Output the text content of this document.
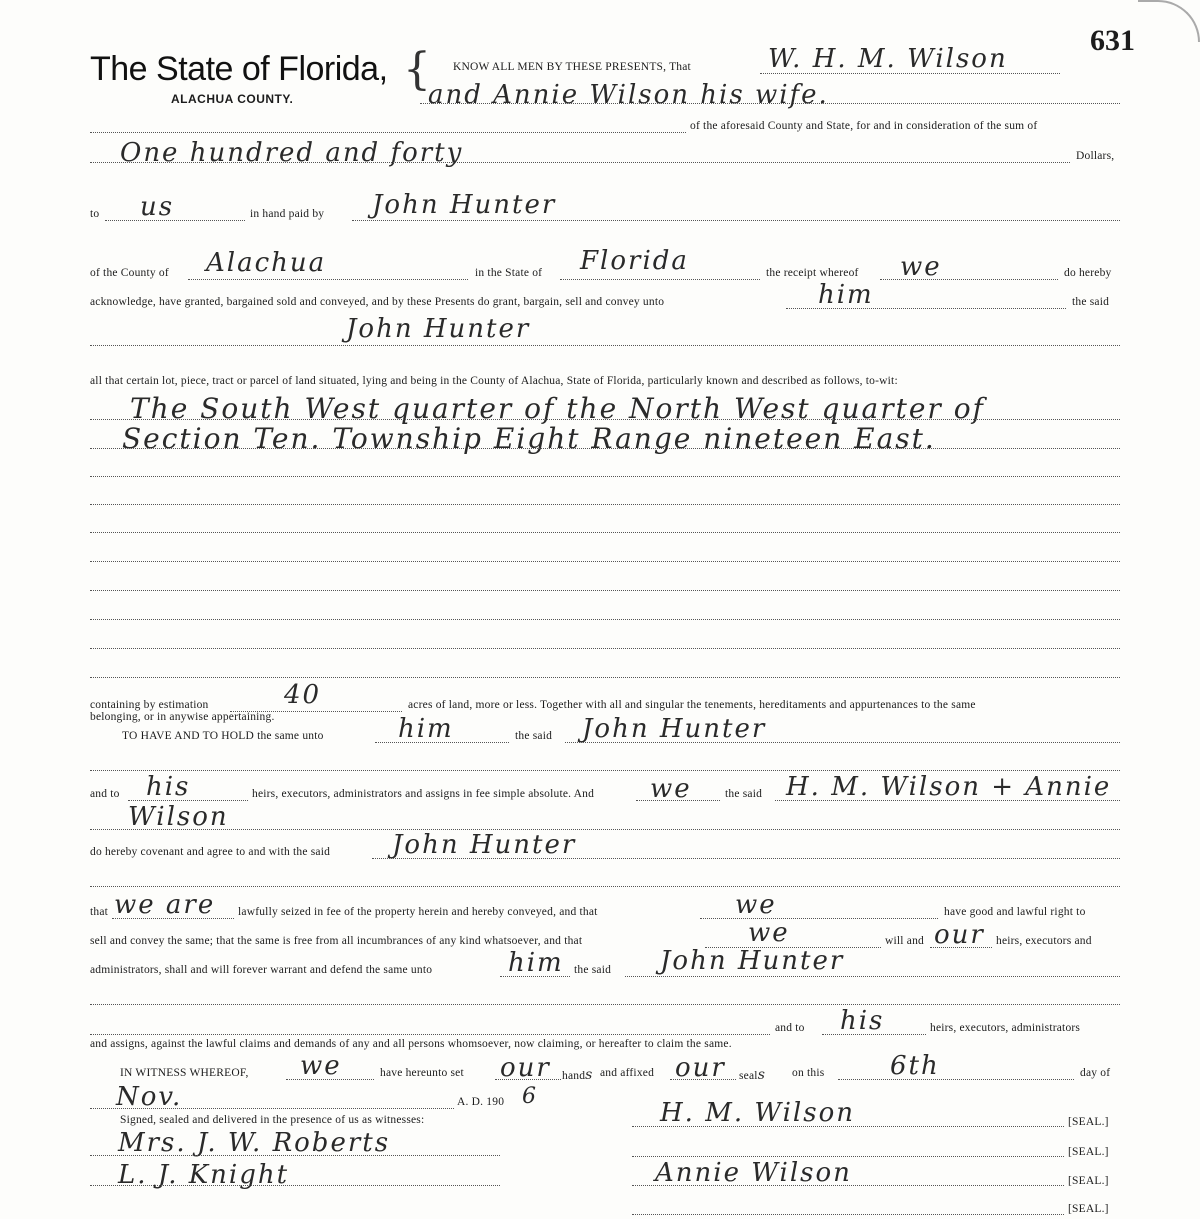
631
The State of Florida,
ALACHUA COUNTY.
{ KNOW ALL MEN BY THESE PRESENTS, That	W. H. M. Wilson
and Annie Wilson his wife.
of the aforesaid County and State, for and in consideration of the sum of
One hundred and forty	Dollars,
to us	in hand paid by John Hunter
of the County of Alachua	in the State of Florida	the receipt whereof we	do hereby
acknowledge, have granted, bargained sold and conveyed, and by these Presents do grant, bargain, sell and convey unto	him	the said
John Hunter
all that certain lot, piece, tract or parcel of land situated, lying and being in the County of Alachua, State of Florida, particularly known and described as follows, to-wit:
The South West quarter of the North West quarter of
Section Ten. Township Eight Range nineteen East.
containing by estimation	40	acres of land, more or less. Together with all and singular the tenements, hereditaments and appurtenances to the same
belonging, or in anywise appertaining.
TO HAVE AND TO HOLD the same unto	him	the said John Hunter
and to his	heirs, executors, administrators and assigns in fee simple absolute. And we	the said H. M. Wilson + Annie
Wilson
do hereby covenant and agree to and with the said John Hunter
that we are lawfully seized in fee of the property herein and hereby conveyed, and that	we	have good and lawful right to
sell and convey the same; that the same is free from all incumbrances of any kind whatsoever, and that	we	will and our heirs, executors and
administrators, shall and will forever warrant and defend the same unto	him the said John Hunter
and to his	heirs, executors, administrators
and assigns, against the lawful claims and demands of any and all persons whomsoever, now claiming, or hereafter to claim the same.
IN WITNESS WHEREOF, we	have hereunto set our hands and affixed our seals on this	6th	day of
Nov.	A. D. 190 6
Signed, sealed and delivered in the presence of us as witnesses:
Mrs. J. W. Roberts
L. J. Knight
H. M. Wilson	[SEAL.]
[SEAL.]
Annie Wilson	[SEAL.]
[SEAL.]
